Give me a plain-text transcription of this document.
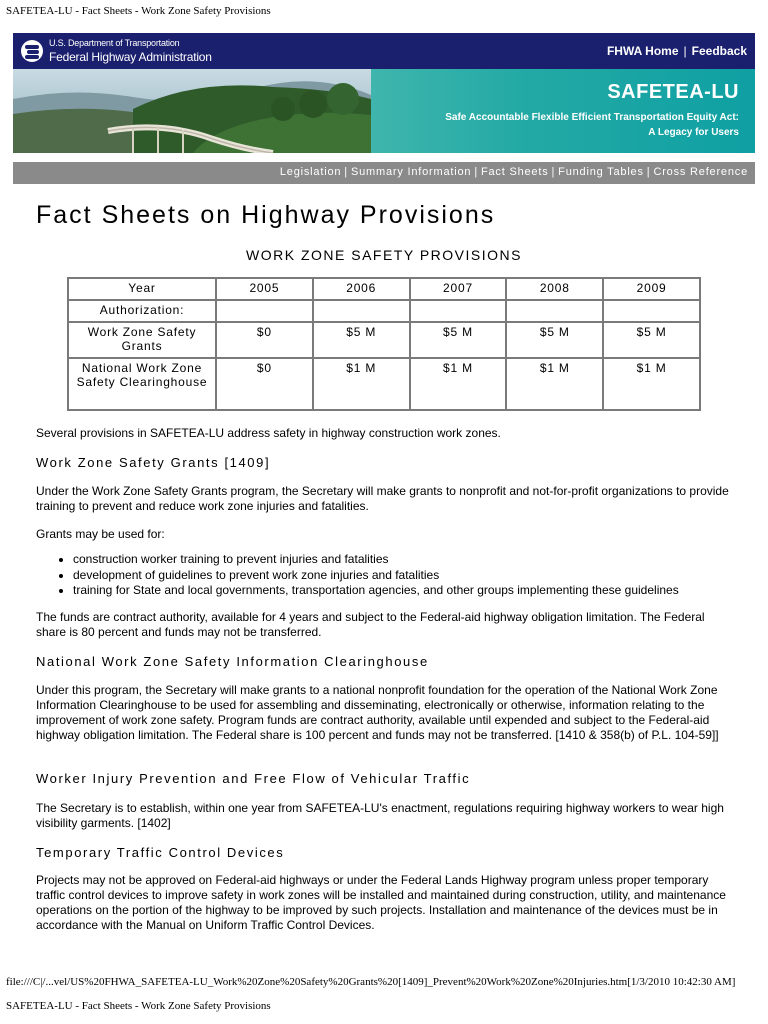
SAFETEA-LU - Fact Sheets - Work Zone Safety Provisions
U.S. Department of Transportation
Federal Highway Administration	FHWA Home | Feedback
SAFETEA-LU
Safe Accountable Flexible Efficient Transportation Equity Act:
A Legacy for Users
Legislation | Summary Information | Fact Sheets | Funding Tables | Cross Reference
Fact Sheets on Highway Provisions
WORK ZONE SAFETY PROVISIONS
Year	2005	2006	2007	2008	2009
Authorization:					
Work Zone Safety Grants	$0	$5 M	$5 M	$5 M	$5 M
National Work Zone Safety Clearinghouse	$0	$1 M	$1 M	$1 M	$1 M
Several provisions in SAFETEA-LU address safety in highway construction work zones.
Work Zone Safety Grants [1409]
Under the Work Zone Safety Grants program, the Secretary will make grants to nonprofit and not-for-profit organizations to provide training to prevent and reduce work zone injuries and fatalities.
Grants may be used for:
• construction worker training to prevent injuries and fatalities
• development of guidelines to prevent work zone injuries and fatalities
• training for State and local governments, transportation agencies, and other groups implementing these guidelines
The funds are contract authority, available for 4 years and subject to the Federal-aid highway obligation limitation. The Federal share is 80 percent and funds may not be transferred.
National Work Zone Safety Information Clearinghouse
Under this program, the Secretary will make grants to a national nonprofit foundation for the operation of the National Work Zone Information Clearinghouse to be used for assembling and disseminating, electronically or otherwise, information relating to the improvement of work zone safety. Program funds are contract authority, available until expended and subject to the Federal-aid highway obligation limitation. The Federal share is 100 percent and funds may not be transferred. [1410 & 358(b) of P.L. 104-59]]
Worker Injury Prevention and Free Flow of Vehicular Traffic
The Secretary is to establish, within one year from SAFETEA-LU's enactment, regulations requiring highway workers to wear high visibility garments. [1402]
Temporary Traffic Control Devices
Projects may not be approved on Federal-aid highways or under the Federal Lands Highway program unless proper temporary traffic control devices to improve safety in work zones will be installed and maintained during construction, utility, and maintenance operations on the portion of the highway to be improved by such projects. Installation and maintenance of the devices must be in accordance with the Manual on Uniform Traffic Control Devices.
file:///C|/...vel/US%20FHWA_SAFETEA-LU_Work%20Zone%20Safety%20Grants%20[1409]_Prevent%20Work%20Zone%20Injuries.htm[1/3/2010 10:42:30 AM]
SAFETEA-LU - Fact Sheets - Work Zone Safety Provisions
